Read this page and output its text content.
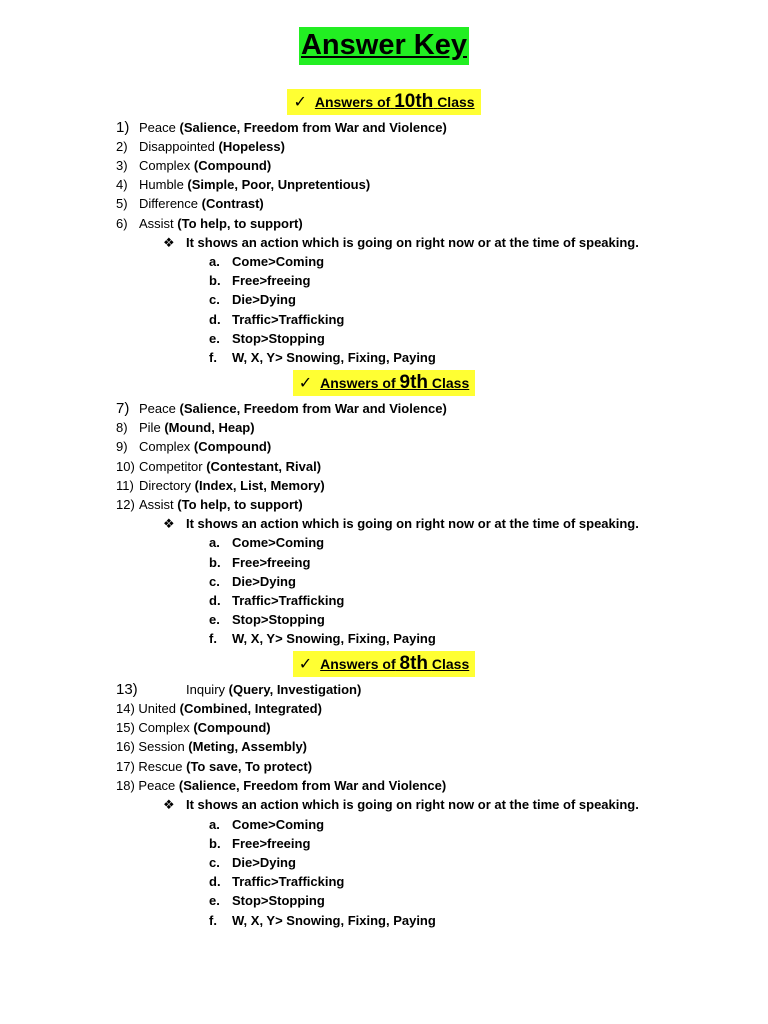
Answer Key
✓ Answers of 10th Class
1) Peace (Salience, Freedom from War and Violence)
2) Disappointed (Hopeless)
3) Complex (Compound)
4) Humble (Simple, Poor, Unpretentious)
5) Difference (Contrast)
6) Assist (To help, to support)
❖ It shows an action which is going on right now or at the time of speaking.
a. Come>Coming
b. Free>freeing
c. Die>Dying
d. Traffic>Trafficking
e. Stop>Stopping
f. W, X, Y> Snowing, Fixing, Paying
✓ Answers of 9th Class
7) Peace (Salience, Freedom from War and Violence)
8) Pile (Mound, Heap)
9) Complex (Compound)
10) Competitor (Contestant, Rival)
11) Directory (Index, List, Memory)
12) Assist (To help, to support)
❖ It shows an action which is going on right now or at the time of speaking.
a. Come>Coming
b. Free>freeing
c. Die>Dying
d. Traffic>Trafficking
e. Stop>Stopping
f. W, X, Y> Snowing, Fixing, Paying
✓ Answers of 8th Class
13)	Inquiry (Query, Investigation)
14) United (Combined, Integrated)
15) Complex (Compound)
16) Session (Meting, Assembly)
17) Rescue (To save, To protect)
18) Peace (Salience, Freedom from War and Violence)
❖ It shows an action which is going on right now or at the time of speaking.
a. Come>Coming
b. Free>freeing
c. Die>Dying
d. Traffic>Trafficking
e. Stop>Stopping
f. W, X, Y> Snowing, Fixing, Paying
